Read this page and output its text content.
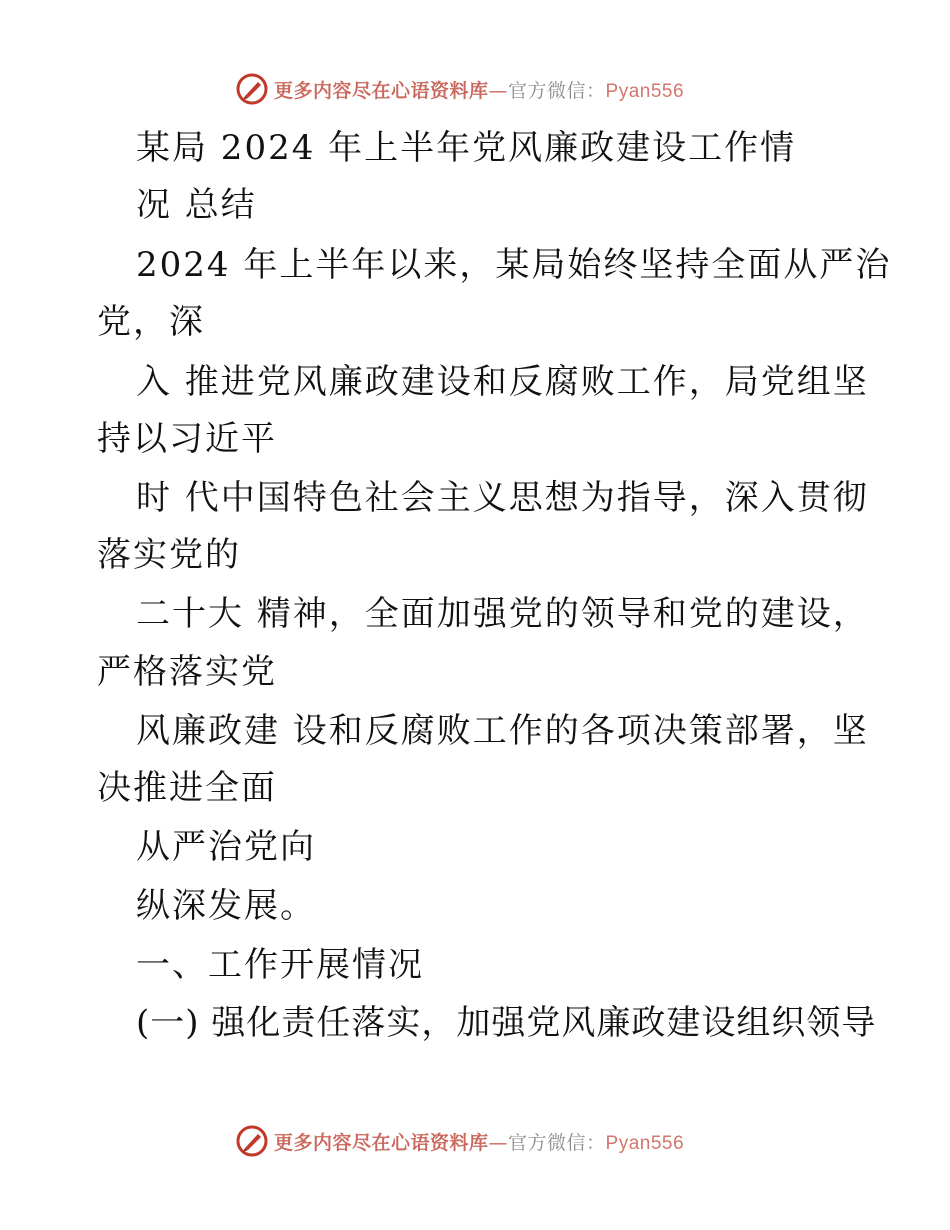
更多内容尽在心语资料库—官方微信：Pyan556
某局 2024 年上半年党风廉政建设工作情
况 总结
2024 年上半年以来，某局始终坚持全面从严治
党，深
入 推进党风廉政建设和反腐败工作，局党组坚
持以习近平
时 代中国特色社会主义思想为指导，深入贯彻
落实党的
二十大 精神，全面加强党的领导和党的建设，
严格落实党
风廉政建 设和反腐败工作的各项决策部署，坚
决推进全面
从严治党向
纵深发展。
一、工作开展情况
(一) 强化责任落实，加强党风廉政建设组织领导
更多内容尽在心语资料库—官方微信：Pyan556
